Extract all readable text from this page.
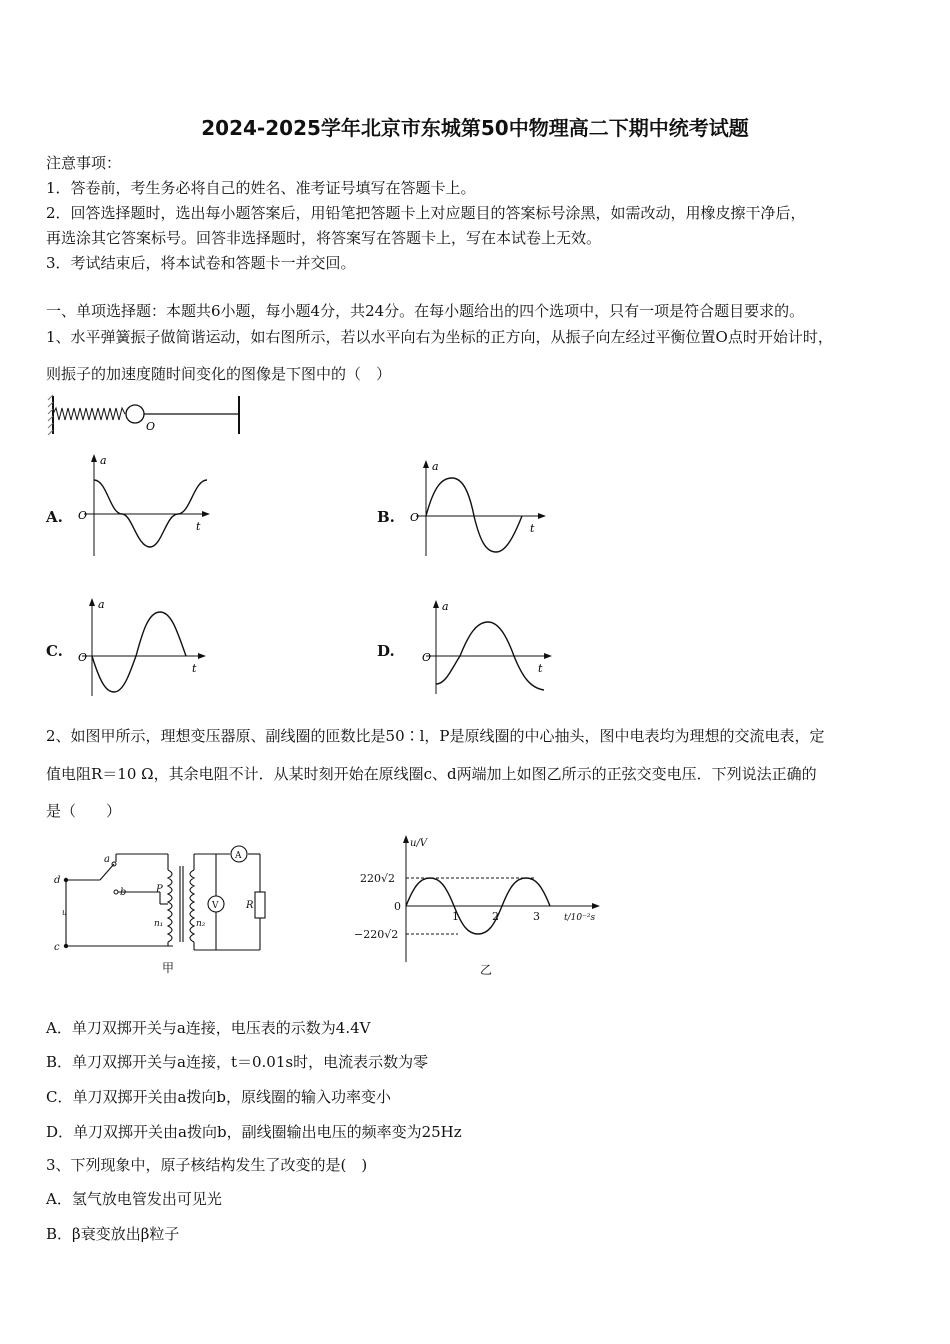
2024-2025学年北京市东城第50中物理高二下期中统考试题
注意事项：
1．答卷前，考生务必将自己的姓名、准考证号填写在答题卡上。
2．回答选择题时，选出每小题答案后，用铅笔把答题卡上对应题目的答案标号涂黑，如需改动，用橡皮擦干净后，
再选涂其它答案标号。回答非选择题时，将答案写在答题卡上，写在本试卷上无效。
3．考试结束后，将本试卷和答题卡一并交回。
一、单项选择题：本题共6小题，每小题4分，共24分。在每小题给出的四个选项中，只有一项是符合题目要求的。
1、水平弹簧振子做简谐运动，如右图所示，若以水平向右为坐标的正方向，从振子向左经过平衡位置O点时开始计时，
则振子的加速度随时间变化的图像是下图中的（　）
O
A.
a
O
t
B.
a
O
t
C.
a
O
t
D.
a
O
t
2、如图甲所示，理想变压器原、副线圈的匝数比是50∶l，P是原线圈的中心抽头，图中电表均为理想的交流电表，定
值电阻R＝10 Ω，其余电阻不计．从某时刻开始在原线圈c、d两端加上如图乙所示的正弦交变电压．下列说法正确的
是（　　）
d
a
b
c
u
P
n₁	n₂
R
A
V
甲
u/V
220√2
−220√2
0
1	2	3	t/10⁻²s
乙
A．单刀双掷开关与a连接，电压表的示数为4.4V
B．单刀双掷开关与a连接，t＝0.01s时，电流表示数为零
C．单刀双掷开关由a拨向b，原线圈的输入功率变小
D．单刀双掷开关由a拨向b，副线圈输出电压的频率变为25Hz
3、下列现象中，原子核结构发生了改变的是(　)
A．氢气放电管发出可见光
B．β衰变放出β粒子
